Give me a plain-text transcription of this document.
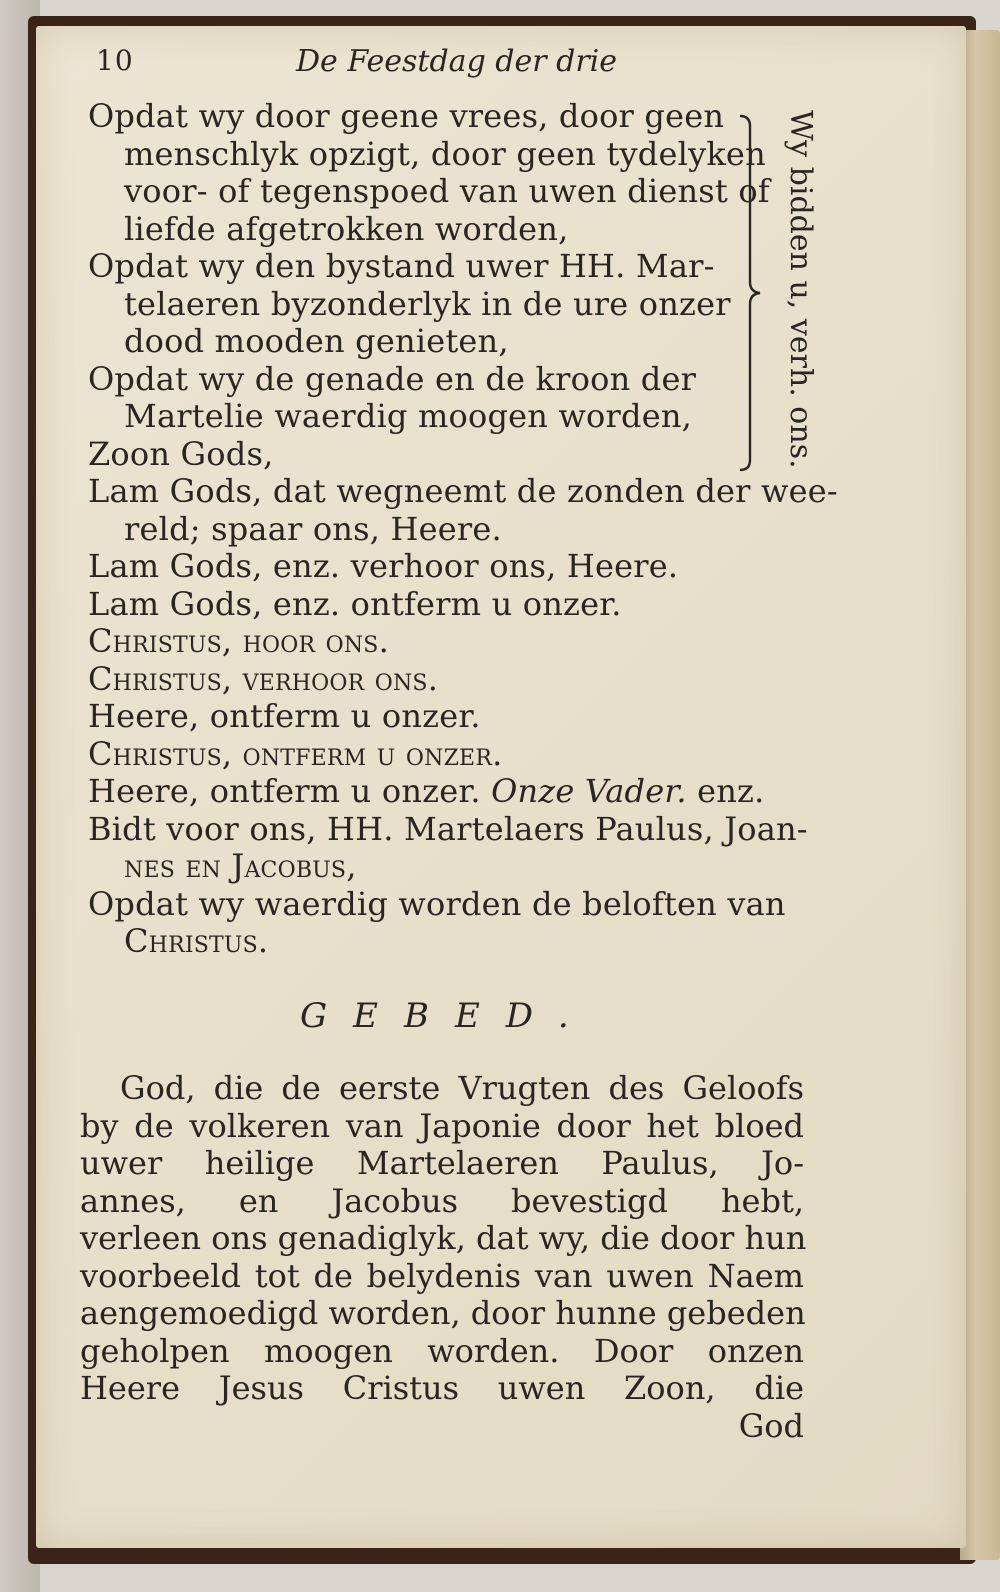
10	De Feestdag der drie

Opdat wy door geene vrees, door geen

menschlyk opzigt, door geen tydelyken

voor- of tegenspoed van uwen dienst of

liefde afgetrokken worden,

Opdat wy den bystand uwer HH. Mar-

telaeren byzonderlyk in de ure onzer

dood mooden genieten,

Opdat wy de genade en de kroon der

Martelie waerdig moogen worden,

Zoon Gods,

Lam Gods, dat wegneemt de zonden der wee-

reld; spaar ons, Heere.

Lam Gods, enz. verhoor ons, Heere.

Lam Gods, enz. ontferm u onzer.

Christus, hoor ons.

Christus, verhoor ons.

Heere, ontferm u onzer.

Christus, ontferm u onzer.

Heere, ontferm u onzer. Onze Vader. enz.

Bidt voor ons, HH. Martelaers Paulus, Joan-

nes en Jacobus,

Opdat wy waerdig worden de beloften van

Christus.

Wy bidden u, verh. ons.
GEBED.

God, die de eerste Vrugten des Geloofs

by de volkeren van Japonie door het bloed

uwer heilige Martelaeren Paulus, Jo-

annes, en Jacobus bevestigd hebt,

verleen ons genadiglyk, dat wy, die door hun

voorbeeld tot de belydenis van uwen Naem

aengemoedigd worden, door hunne gebeden

geholpen moogen worden. Door onzen

Heere Jesus Cristus uwen Zoon, die

God
